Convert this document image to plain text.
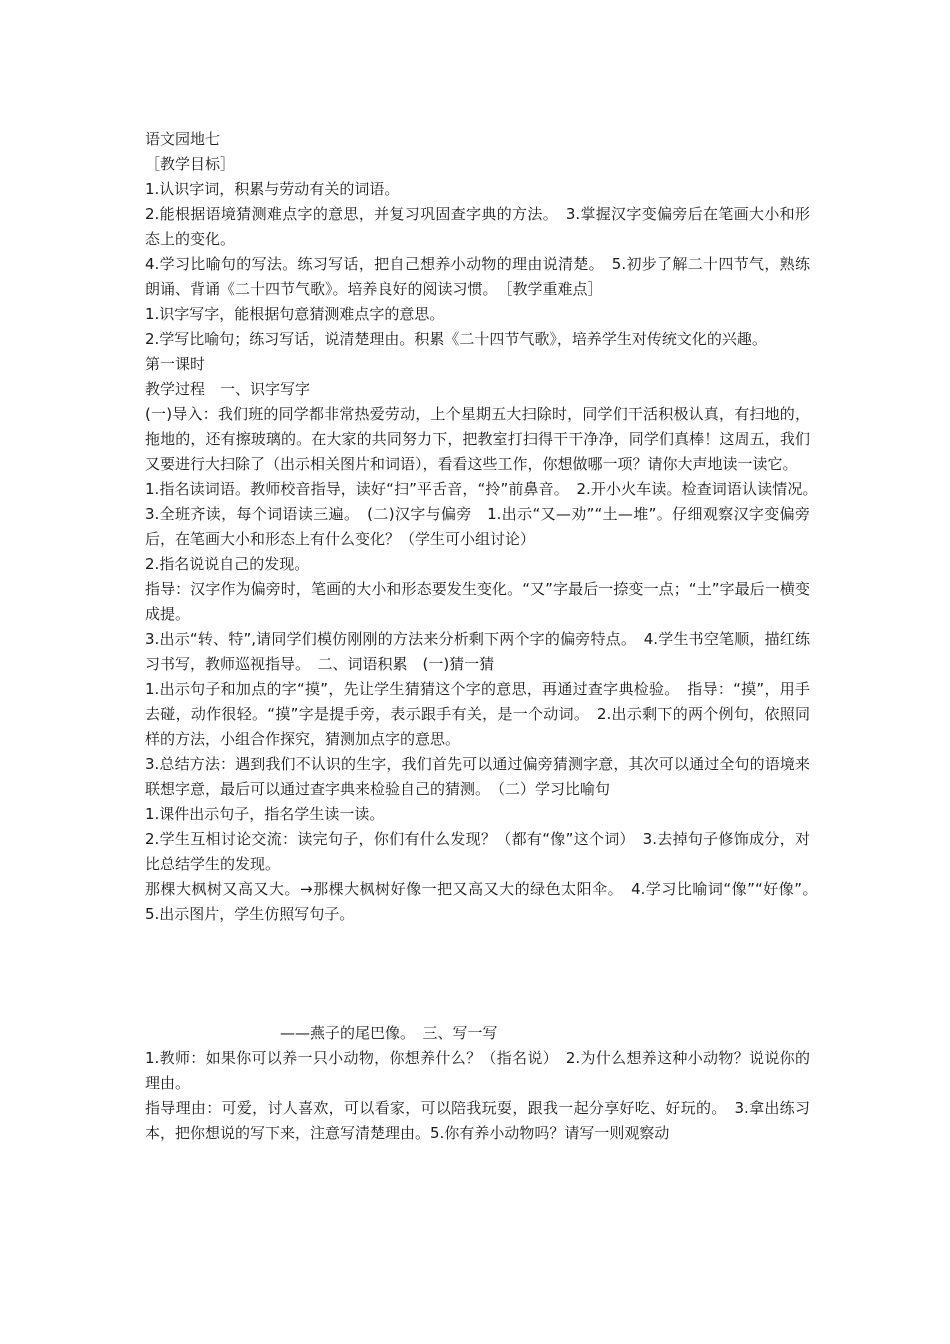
语文园地七

［教学目标］

1.认识字词，积累与劳动有关的词语。

2.能根据语境猜测难点字的意思，并复习巩固查字典的方法。　3.掌握汉字变偏旁后在笔画大小和形态上的变化。

4.学习比喻句的写法。练习写话，把自己想养小动物的理由说清楚。　5.初步了解二十四节气，熟练朗诵、背诵《二十四节气歌》。培养良好的阅读习惯。　［教学重难点］

1.识字写字，能根据句意猜测难点字的意思。

2.学写比喻句；练习写话，说清楚理由。积累《二十四节气歌》，培养学生对传统文化的兴趣。

第一课时

教学过程　一、识字写字

(一)导入：我们班的同学都非常热爱劳动，上个星期五大扫除时，同学们干活积极认真，有扫地的，拖地的，还有擦玻璃的。在大家的共同努力下，把教室打扫得干干净净，同学们真棒！这周五，我们又要进行大扫除了（出示相关图片和词语），看看这些工作，你想做哪一项？请你大声地读一读它。

1.指名读词语。教师校音指导，读好“扫”平舌音，“拎”前鼻音。　2.开小火车读。检查词语认读情况。　3.全班齐读，每个词语读三遍。　(二)汉字与偏旁　1.出示“又—劝”“土—堆”。仔细观察汉字变偏旁后，在笔画大小和形态上有什么变化？（学生可小组讨论）

2.指名说说自己的发现。

指导：汉字作为偏旁时，笔画的大小和形态要发生变化。“又”字最后一捺变一点；“土”字最后一横变成提。

3.出示“转、特”,请同学们模仿刚刚的方法来分析剩下两个字的偏旁特点。　4.学生书空笔顺，描红练习书写，教师巡视指导。　二、词语积累　(一)猜一猜

1.出示句子和加点的字“摸”，先让学生猜猜这个字的意思，再通过查字典检验。　指导：“摸”，用手去碰，动作很轻。“摸”字是提手旁，表示跟手有关，是一个动词。　2.出示剩下的两个例句，依照同样的方法，小组合作探究，猜测加点字的意思。

3.总结方法：遇到我们不认识的生字，我们首先可以通过偏旁猜测字意，其次可以通过全句的语境来联想字意，最后可以通过查字典来检验自己的猜测。　（二）学习比喻句

1.课件出示句子，指名学生读一读。

2.学生互相讨论交流：读完句子，你们有什么发现？（都有“像”这个词）　3.去掉句子修饰成分，对比总结学生的发现。

那棵大枫树又高又大。→那棵大枫树好像一把又高又大的绿色太阳伞。　4.学习比喻词“像”“好像”。　5.出示图片，学生仿照写句子。

——燕子的尾巴像。　三、写一写

1.教师：如果你可以养一只小动物，你想养什么？（指名说）　2.为什么想养这种小动物？说说你的理由。

指导理由：可爱，讨人喜欢，可以看家，可以陪我玩耍，跟我一起分享好吃、好玩的。　3.拿出练习本，把你想说的写下来，注意写清楚理由。5.你有养小动物吗？请写一则观察动
